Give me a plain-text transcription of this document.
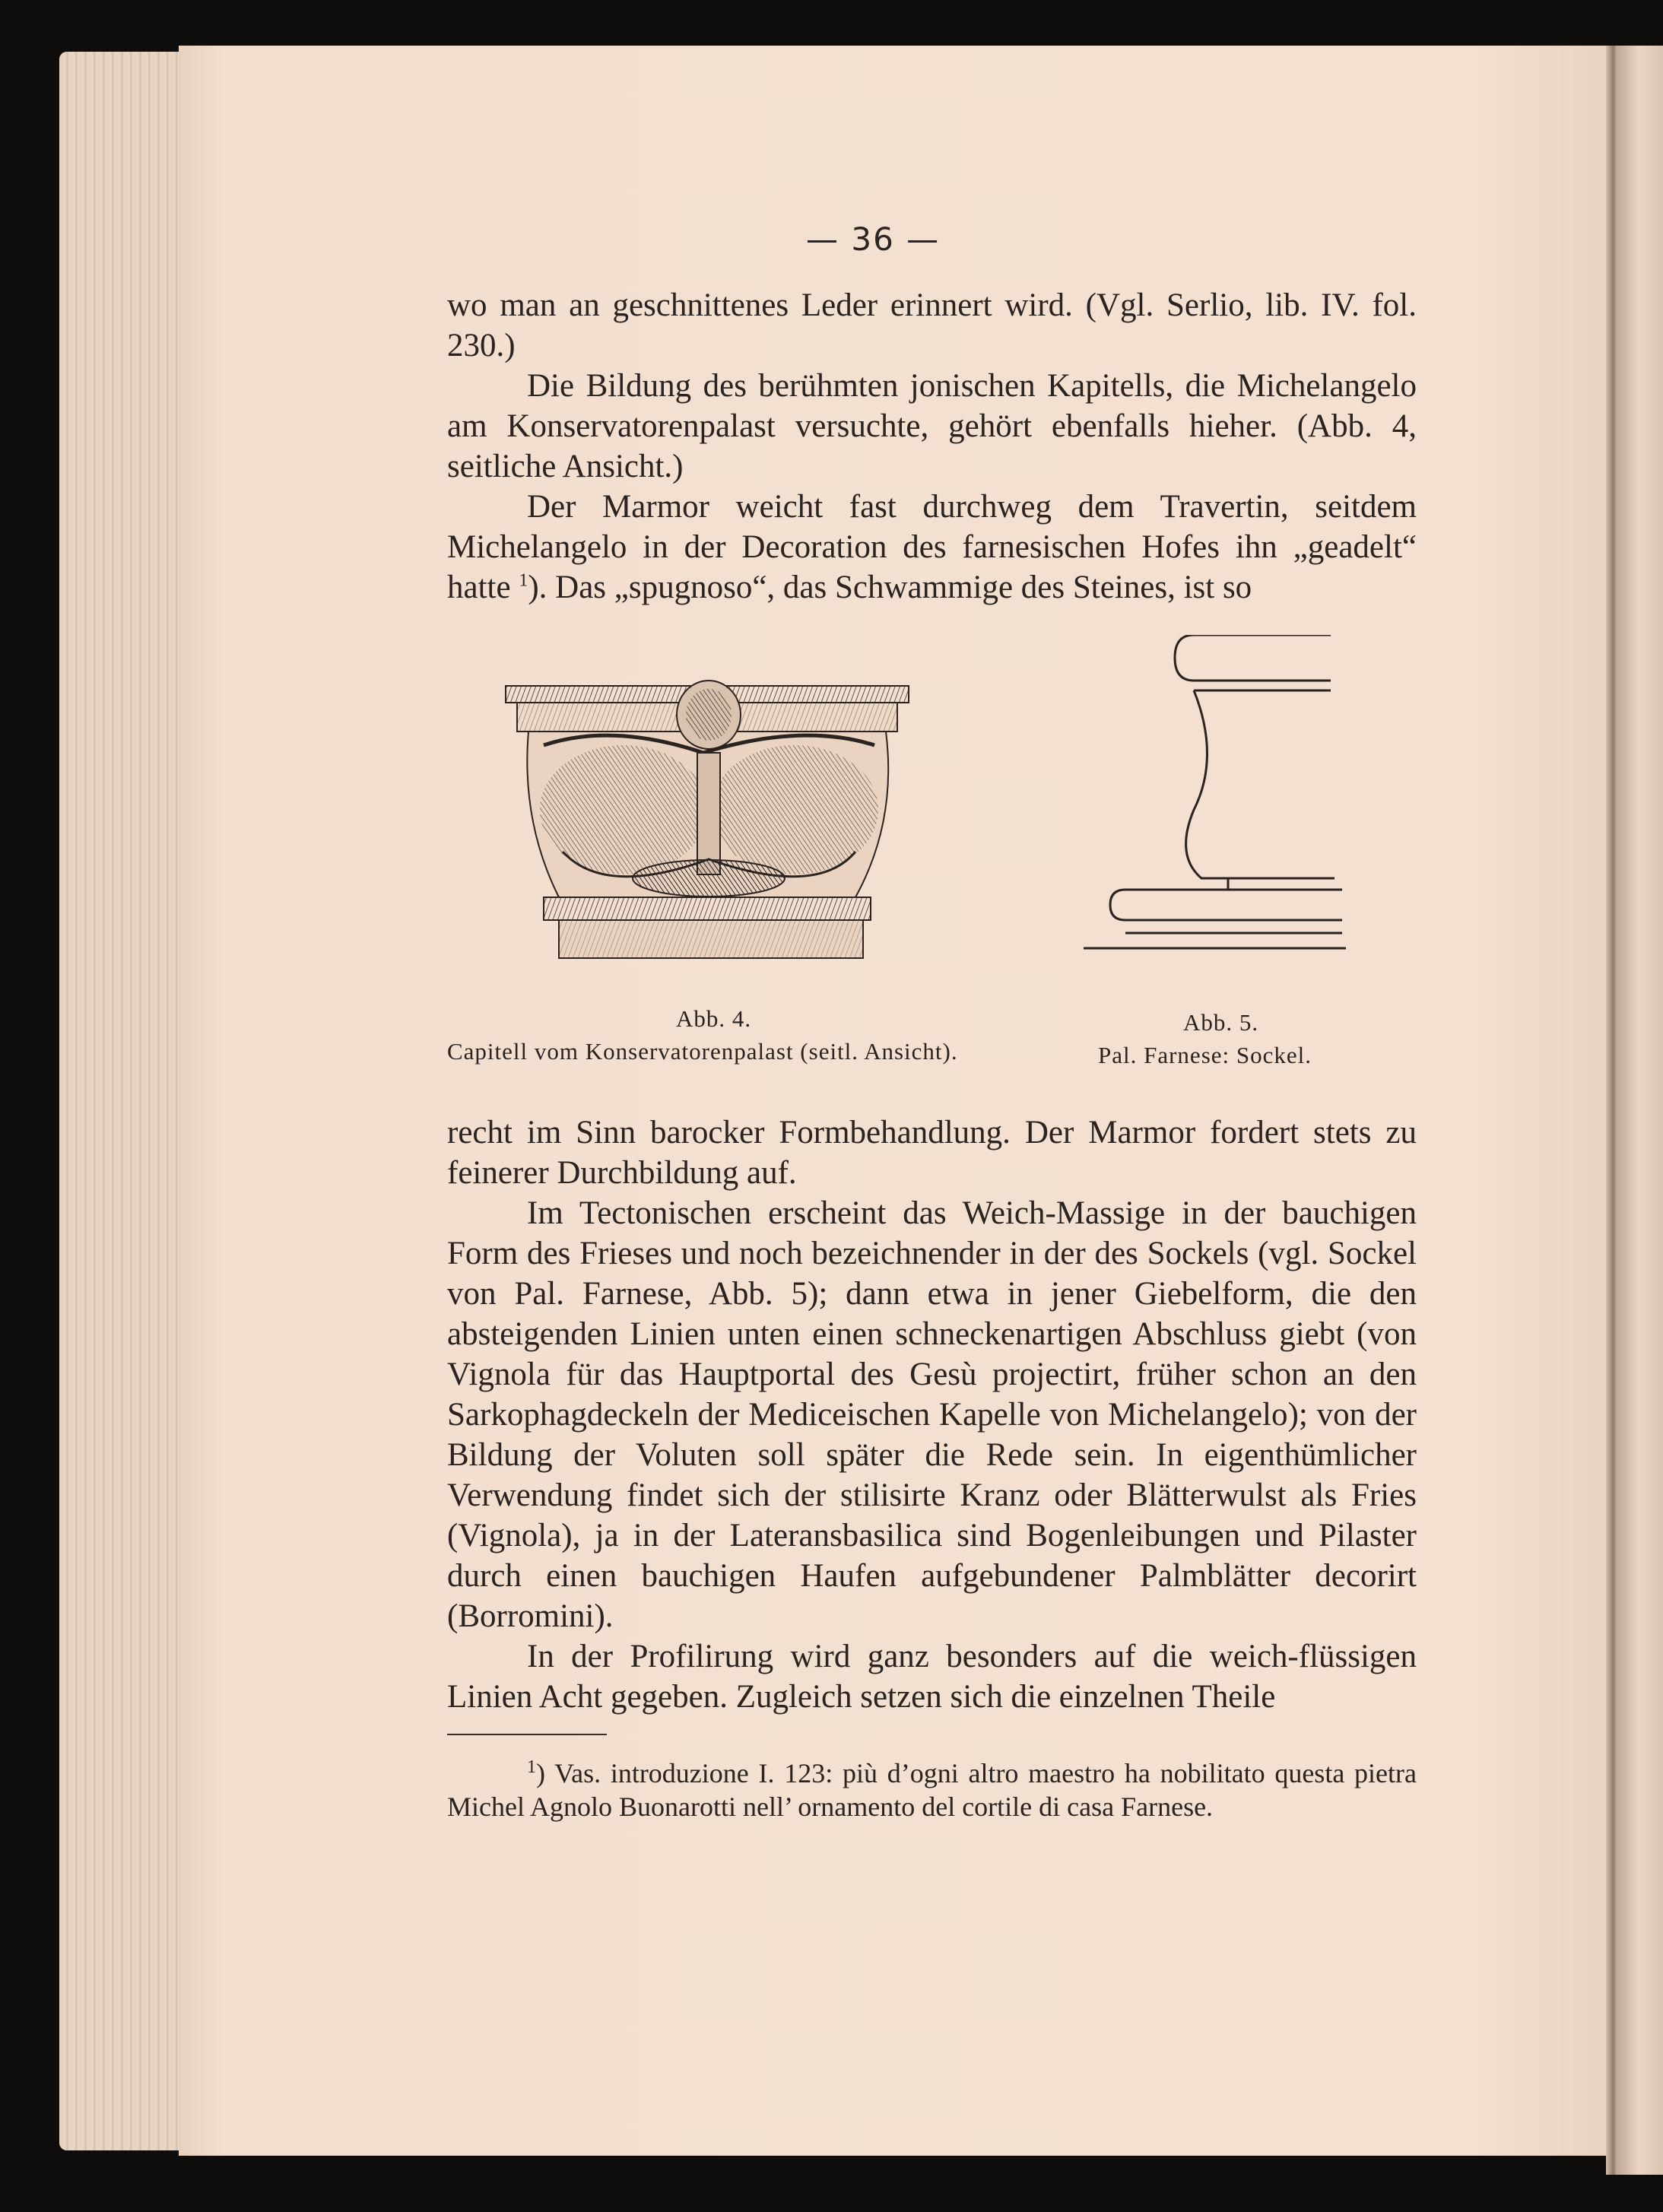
— 36 —

wo man an geschnittenes Leder erinnert wird. (Vgl. Serlio, lib. IV. fol. 230.)

Die Bildung des berühmten jonischen Kapitells, die Michelangelo am Konservatorenpalast versuchte, gehört ebenfalls hieher. (Abb. 4, seitliche Ansicht.)

Der Marmor weicht fast durchweg dem Travertin, seitdem Michelangelo in der Decoration des farnesischen Hofes ihn „geadelt“ hatte $^1$). Das „spugnoso“, das Schwammige des Steines, ist so

Abb. 4.
Capitell vom Konservatorenpalast (seitl. Ansicht).
Abb. 5.
Pal. Farnese: Sockel.

recht im Sinn barocker Formbehandlung. Der Marmor fordert stets zu feinerer Durchbildung auf.

Im Tectonischen erscheint das Weich-Massige in der bauchigen Form des Frieses und noch bezeichnender in der des Sockels (vgl. Sockel von Pal. Farnese, Abb. 5); dann etwa in jener Giebelform, die den absteigenden Linien unten einen schneckenartigen Abschluss giebt (von Vignola für das Hauptportal des Gesù projectirt, früher schon an den Sarkophagdeckeln der Mediceischen Kapelle von Michelangelo); von der Bildung der Voluten soll später die Rede sein. In eigenthümlicher Verwendung findet sich der stilisirte Kranz oder Blätterwulst als Fries (Vignola), ja in der Lateransbasilica sind Bogenleibungen und Pilaster durch einen bauchigen Haufen aufgebundener Palmblätter decorirt (Borromini).

In der Profilirung wird ganz besonders auf die weich-flüssigen Linien Acht gegeben. Zugleich setzen sich die einzelnen Theile

$^1$) Vas. introduzione I. 123: più d’ogni altro maestro ha nobilitato questa pietra Michel Agnolo Buonarotti nell’ ornamento del cortile di casa Farnese.
